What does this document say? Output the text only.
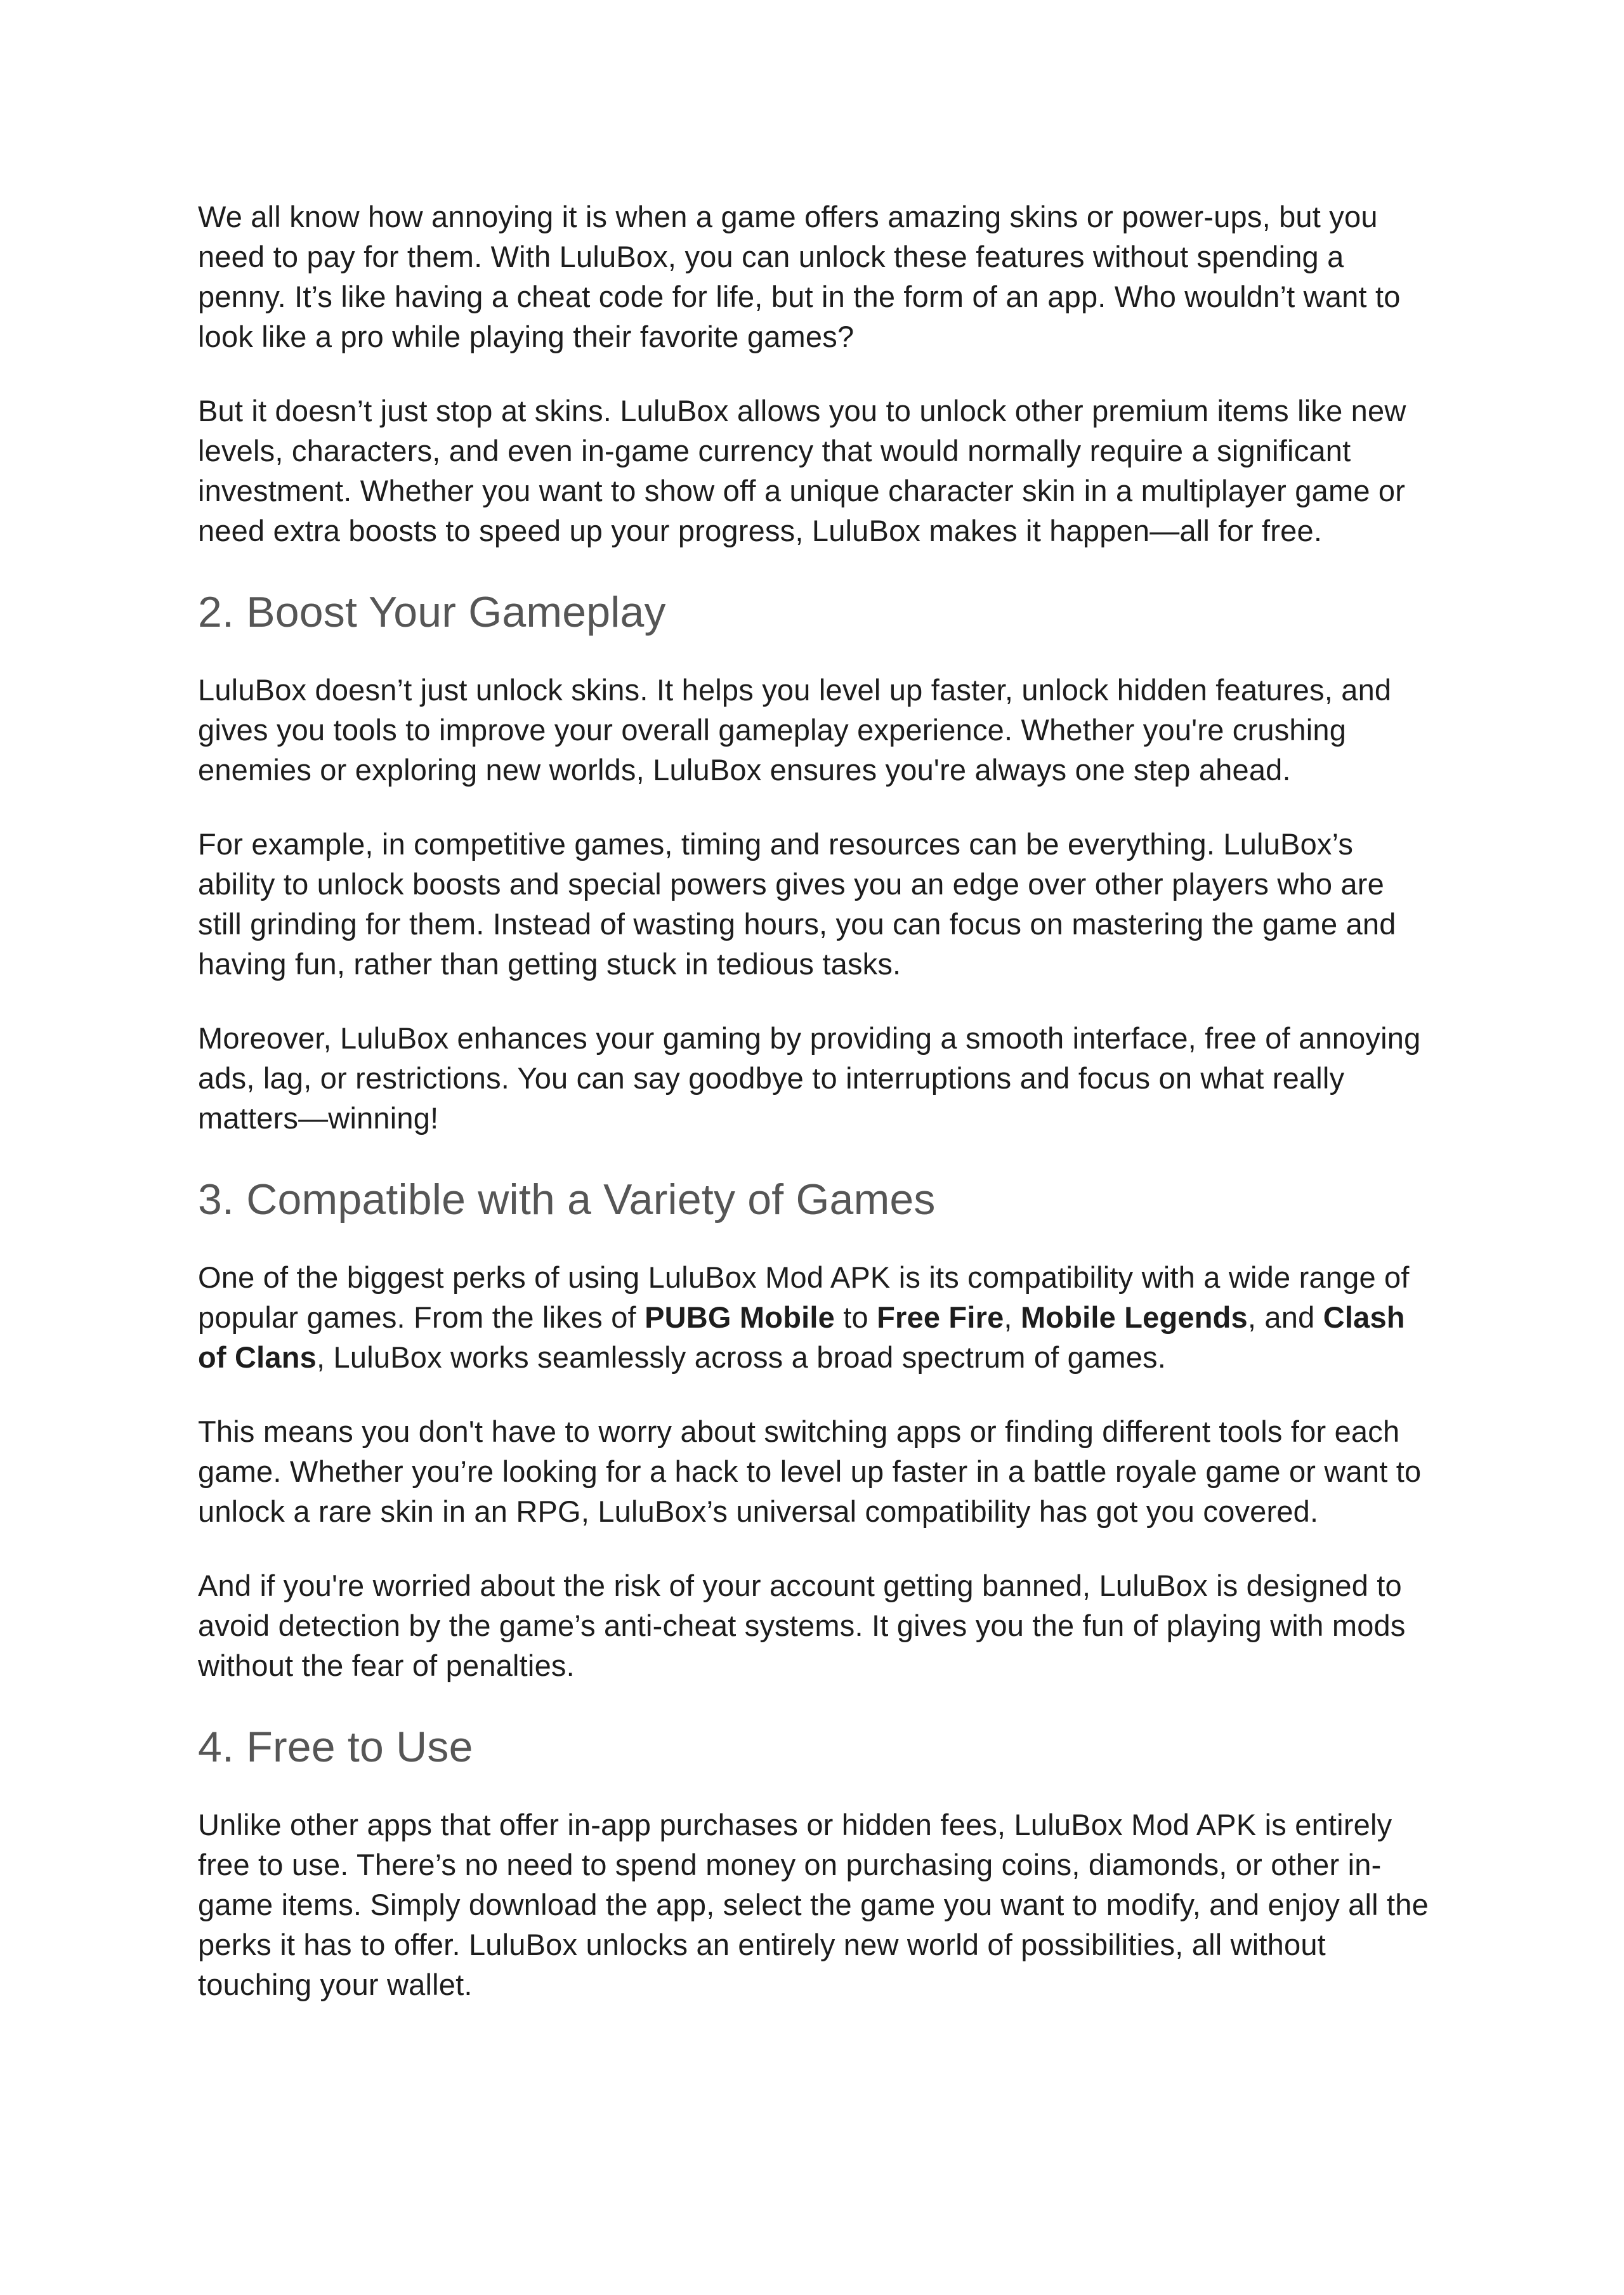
We all know how annoying it is when a game offers amazing skins or power-ups, but you need to pay for them. With LuluBox, you can unlock these features without spending a penny. It’s like having a cheat code for life, but in the form of an app. Who wouldn’t want to look like a pro while playing their favorite games?

But it doesn’t just stop at skins. LuluBox allows you to unlock other premium items like new levels, characters, and even in-game currency that would normally require a significant investment. Whether you want to show off a unique character skin in a multiplayer game or need extra boosts to speed up your progress, LuluBox makes it happen—all for free.

2. Boost Your Gameplay

LuluBox doesn’t just unlock skins. It helps you level up faster, unlock hidden features, and gives you tools to improve your overall gameplay experience. Whether you're crushing enemies or exploring new worlds, LuluBox ensures you're always one step ahead.

For example, in competitive games, timing and resources can be everything. LuluBox’s ability to unlock boosts and special powers gives you an edge over other players who are still grinding for them. Instead of wasting hours, you can focus on mastering the game and having fun, rather than getting stuck in tedious tasks.

Moreover, LuluBox enhances your gaming by providing a smooth interface, free of annoying ads, lag, or restrictions. You can say goodbye to interruptions and focus on what really matters—winning!

3. Compatible with a Variety of Games

One of the biggest perks of using LuluBox Mod APK is its compatibility with a wide range of popular games. From the likes of PUBG Mobile to Free Fire, Mobile Legends, and Clash of Clans, LuluBox works seamlessly across a broad spectrum of games.

This means you don't have to worry about switching apps or finding different tools for each game. Whether you’re looking for a hack to level up faster in a battle royale game or want to unlock a rare skin in an RPG, LuluBox’s universal compatibility has got you covered.

And if you're worried about the risk of your account getting banned, LuluBox is designed to avoid detection by the game’s anti-cheat systems. It gives you the fun of playing with mods without the fear of penalties.

4. Free to Use

Unlike other apps that offer in-app purchases or hidden fees, LuluBox Mod APK is entirely free to use. There’s no need to spend money on purchasing coins, diamonds, or other in-game items. Simply download the app, select the game you want to modify, and enjoy all the perks it has to offer. LuluBox unlocks an entirely new world of possibilities, all without touching your wallet.
